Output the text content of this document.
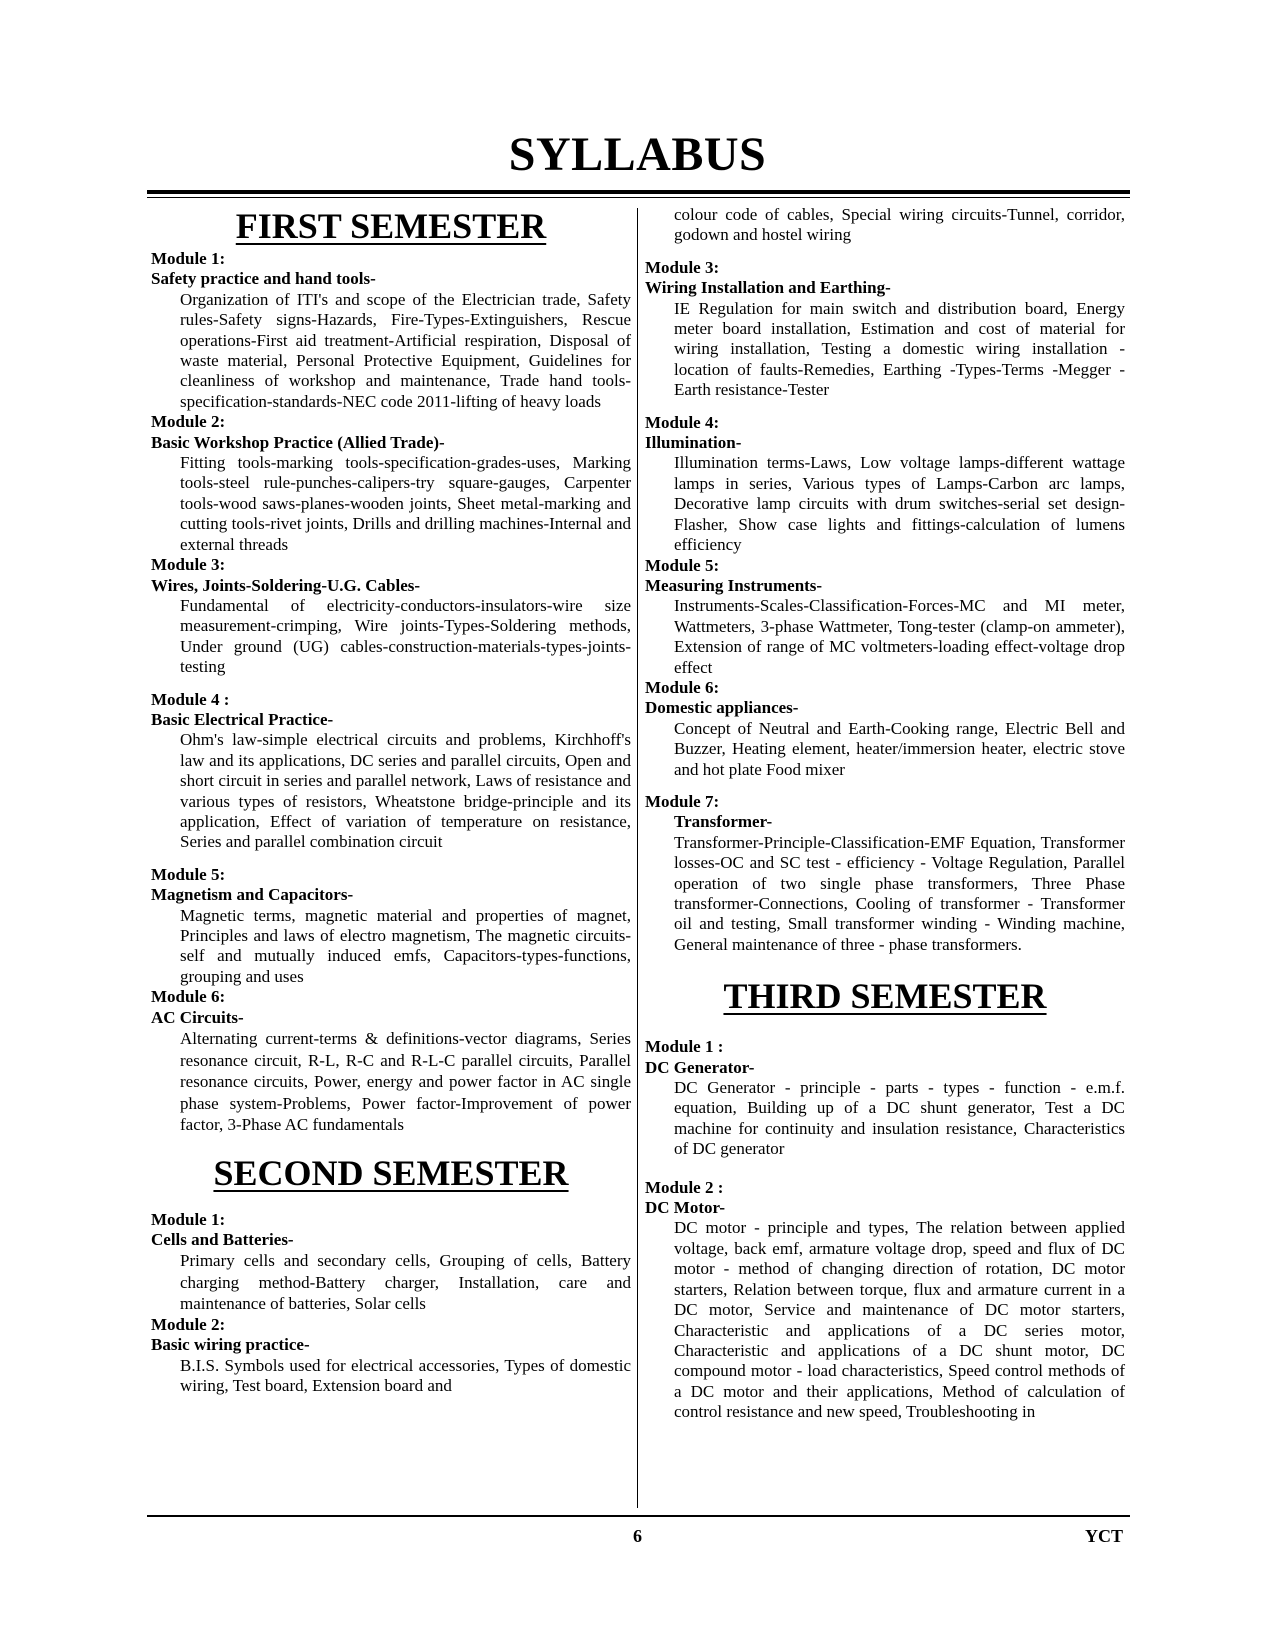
SYLLABUS
FIRST SEMESTER

Module 1:

Safety practice and hand tools-

Organization of ITI's and scope of the Electrician trade, Safety rules-Safety signs-Hazards, Fire-Types-Extinguishers, Rescue operations-First aid treatment-Artificial respiration, Disposal of waste material, Personal Protective Equipment, Guidelines for cleanliness of workshop and maintenance, Trade hand tools-specification-standards-NEC code 2011-lifting of heavy loads

Module 2:

Basic Workshop Practice (Allied Trade)-

Fitting tools-marking tools-specification-grades-uses, Marking tools-steel rule-punches-calipers-try square-gauges, Carpenter tools-wood saws-planes-wooden joints, Sheet metal-marking and cutting tools-rivet joints, Drills and drilling machines-Internal and external threads

Module 3:

Wires, Joints-Soldering-U.G. Cables-

Fundamental of electricity-conductors-insulators-wire size measurement-crimping, Wire joints-Types-Soldering methods, Under ground (UG) cables-construction-materials-types-joints-testing

Module 4 :

Basic Electrical Practice-

Ohm's law-simple electrical circuits and problems, Kirchhoff's law and its applications, DC series and parallel circuits, Open and short circuit in series and parallel network, Laws of resistance and various types of resistors, Wheatstone bridge-principle and its application, Effect of variation of temperature on resistance, Series and parallel combination circuit

Module 5:

Magnetism and Capacitors-

Magnetic terms, magnetic material and properties of magnet, Principles and laws of electro magnetism, The magnetic circuits-self and mutually induced emfs, Capacitors-types-functions, grouping and uses

Module 6:

AC Circuits-

Alternating current-terms & definitions-vector diagrams, Series resonance circuit, R-L, R-C and R-L-C parallel circuits, Parallel resonance circuits, Power, energy and power factor in AC single phase system-Problems, Power factor-Improvement of power factor, 3-Phase AC fundamentals

SECOND SEMESTER

Module 1:

Cells and Batteries-

Primary cells and secondary cells, Grouping of cells, Battery charging method-Battery charger, Installation, care and maintenance of batteries, Solar cells

Module 2:

Basic wiring practice-

B.I.S. Symbols used for electrical accessories, Types of domestic wiring, Test board, Extension board and

colour code of cables, Special wiring circuits-Tunnel, corridor, godown and hostel wiring

Module 3:

Wiring Installation and Earthing-

IE Regulation for main switch and distribution board, Energy meter board installation, Estimation and cost of material for wiring installation, Testing a domestic wiring installation - location of faults-Remedies, Earthing -Types-Terms -Megger - Earth resistance-Tester

Module 4:

Illumination-

Illumination terms-Laws, Low voltage lamps-different wattage lamps in series, Various types of Lamps-Carbon arc lamps, Decorative lamp circuits with drum switches-serial set design-Flasher, Show case lights and fittings-calculation of lumens efficiency

Module 5:

Measuring Instruments-

Instruments-Scales-Classification-Forces-MC and MI meter, Wattmeters, 3-phase Wattmeter, Tong-tester (clamp-on ammeter), Extension of range of MC voltmeters-loading effect-voltage drop effect

Module 6:

Domestic appliances-

Concept of Neutral and Earth-Cooking range, Electric Bell and Buzzer, Heating element, heater/immersion heater, electric stove and hot plate Food mixer

Module 7:

Transformer-

Transformer-Principle-Classification-EMF Equation, Transformer losses-OC and SC test - efficiency - Voltage Regulation, Parallel operation of two single phase transformers, Three Phase transformer-Connections, Cooling of transformer - Transformer oil and testing, Small transformer winding - Winding machine, General maintenance of three - phase transformers.

THIRD SEMESTER

Module 1 :

DC Generator-

DC Generator - principle - parts - types - function - e.m.f. equation, Building up of a DC shunt generator, Test a DC machine for continuity and insulation resistance, Characteristics of DC generator

Module 2 :

DC Motor-

DC motor - principle and types, The relation between applied voltage, back emf, armature voltage drop, speed and flux of DC motor - method of changing direction of rotation, DC motor starters, Relation between torque, flux and armature current in a DC motor, Service and maintenance of DC motor starters, Characteristic and applications of a DC series motor, Characteristic and applications of a DC shunt motor, DC compound motor - load characteristics, Speed control methods of a DC motor and their applications, Method of calculation of control resistance and new speed, Troubleshooting in

6	YCT
